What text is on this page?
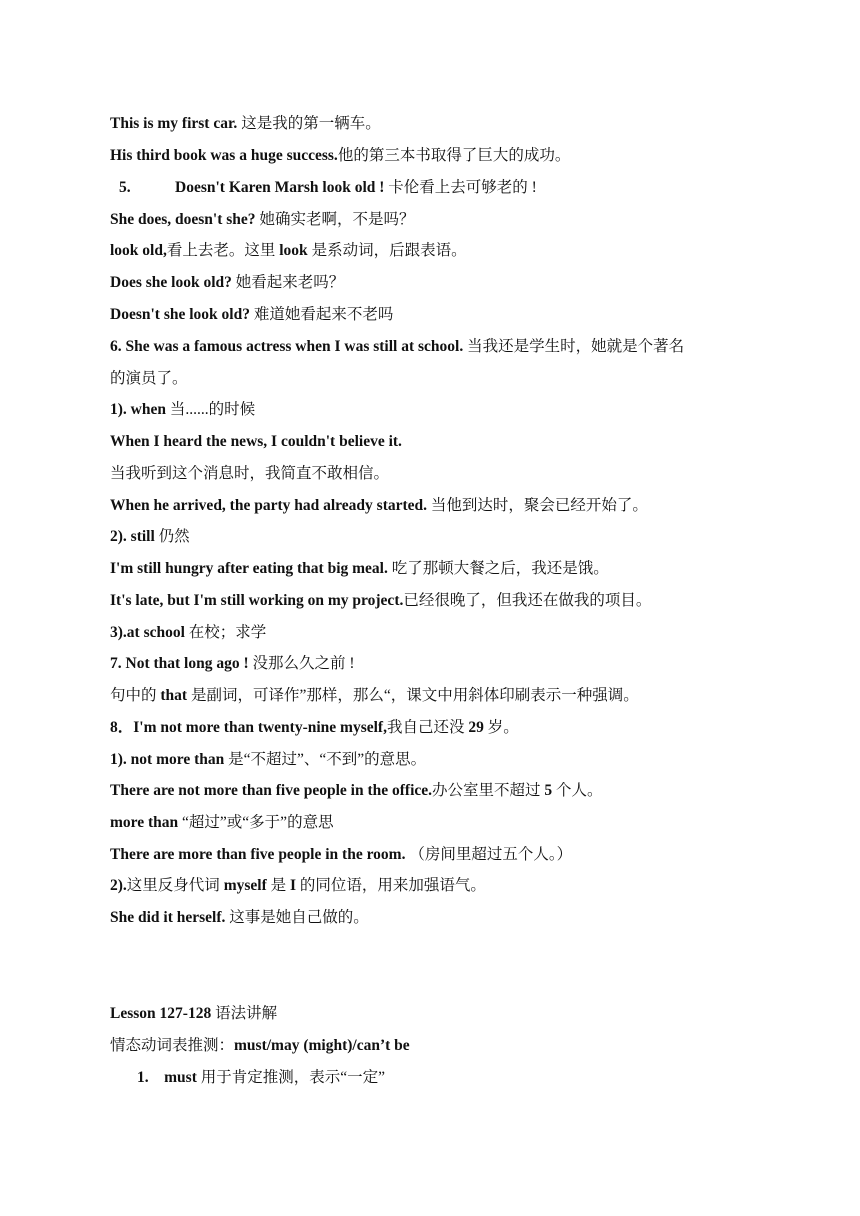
This is my first car. 这是我的第一辆车。
His third book was a huge success.他的第三本书取得了巨大的成功。
5.	Doesn't Karen Marsh look old ! 卡伦看上去可够老的 !
She does, doesn't she? 她确实老啊，不是吗？
look old,看上去老。这里 look 是系动词，后跟表语。
Does she look old? 她看起来老吗？
Doesn't she look old? 难道她看起来不老吗
6. She was a famous actress when I was still at school. 当我还是学生时，她就是个著名
的演员了。
1). when 当......的时候
When I heard the news, I couldn't believe it.
当我听到这个消息时，我简直不敢相信。
When he arrived, the party had already started. 当他到达时，聚会已经开始了。
2). still 仍然
I'm still hungry after eating that big meal. 吃了那顿大餐之后，我还是饿。
It's late, but I'm still working on my project.已经很晚了，但我还在做我的项目。
3).at school 在校；求学
7. Not that long ago ! 没那么久之前 !
句中的 that 是副词，可译作”那样，那么“，课文中用斜体印刷表示一种强调。
8．I'm not more than twenty-nine myself,我自己还没 29 岁。
1). not more than 是“不超过”、“不到”的意思。
There are not more than five people in the office.办公室里不超过 5 个人。
more than “超过”或“多于”的意思
There are more than five people in the room. （房间里超过五个人。）
2).这里反身代词 myself 是 I 的同位语，用来加强语气。
She did it herself. 这事是她自己做的。
Lesson 127-128 语法讲解
情态动词表推测：must/may (might)/can’t be
1. must 用于肯定推测，表示“一定”
